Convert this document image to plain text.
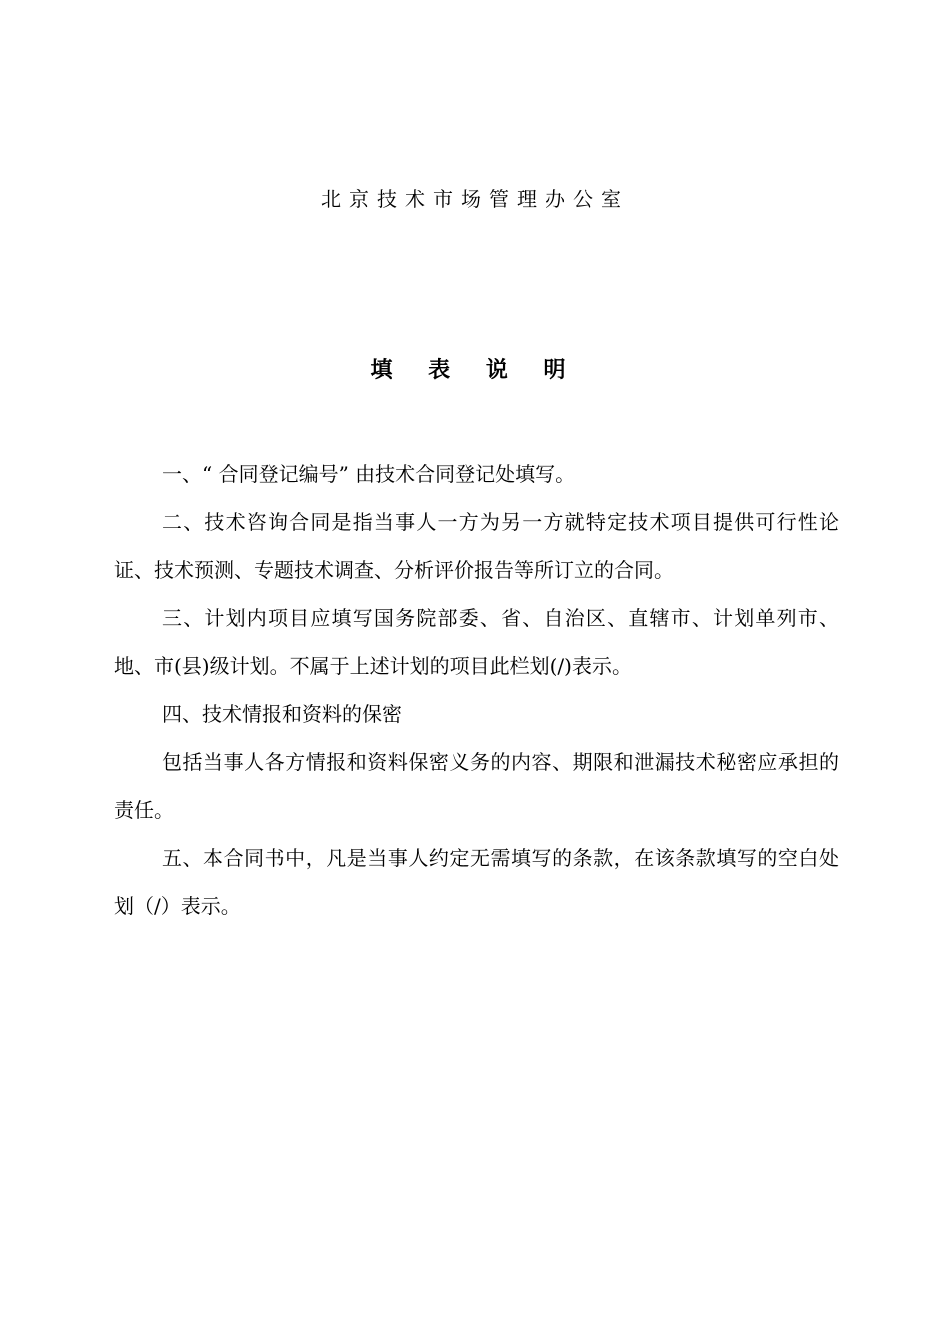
北京技术市场管理办公室
填 表 说 明

一、“ 合同登记编号” 由技术合同登记处填写。

二、技术咨询合同是指当事人一方为另一方就特定技术项目提供可行性论证、技术预测、专题技术调查、分析评价报告等所订立的合同。

三、计划内项目应填写国务院部委、省、自治区、直辖市、计划单列市、地、市(县)级计划。不属于上述计划的项目此栏划(/)表示。

四、技术情报和资料的保密

包括当事人各方情报和资料保密义务的内容、期限和泄漏技术秘密应承担的责任。

五、本合同书中，凡是当事人约定无需填写的条款，在该条款填写的空白处划（/）表示。
